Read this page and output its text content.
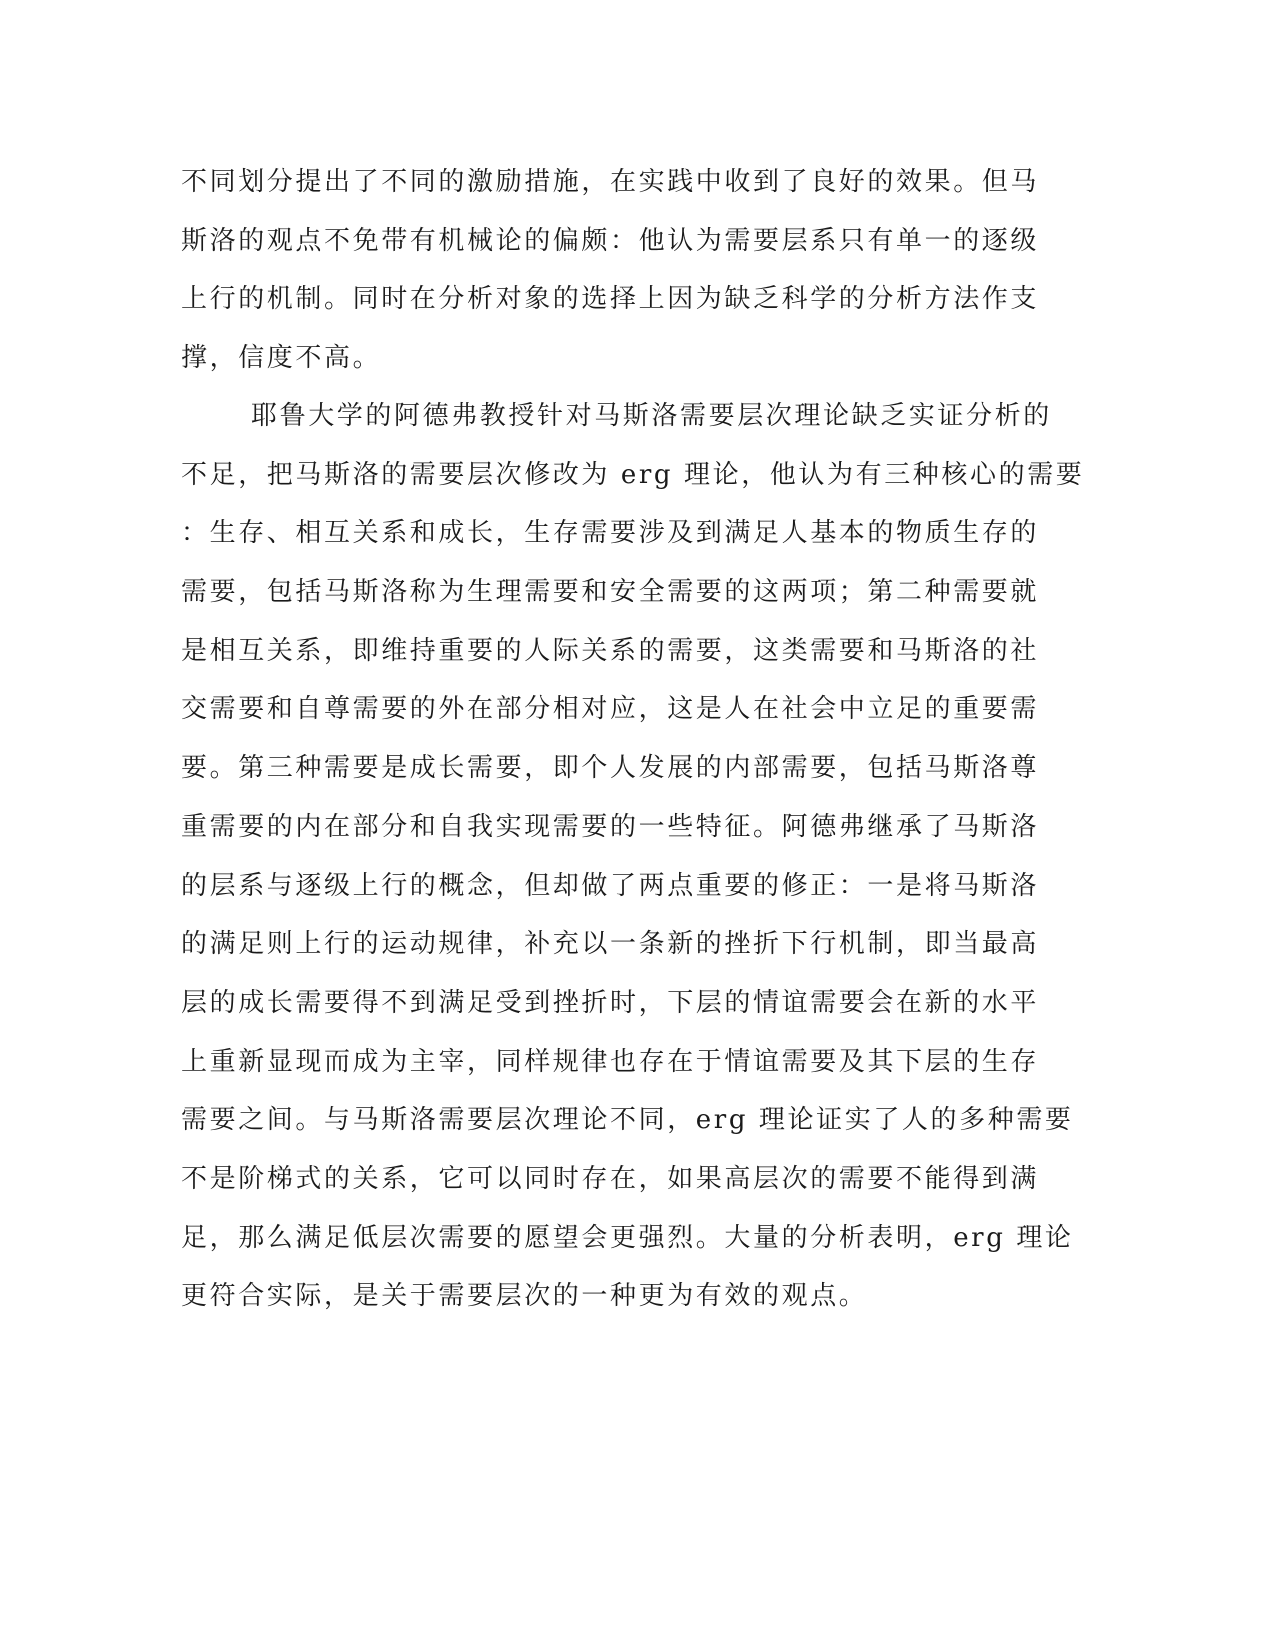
不同划分提出了不同的激励措施，在实践中收到了良好的效果。但马
斯洛的观点不免带有机械论的偏颇：他认为需要层系只有单一的逐级
上行的机制。同时在分析对象的选择上因为缺乏科学的分析方法作支
撑，信度不高。
耶鲁大学的阿德弗教授针对马斯洛需要层次理论缺乏实证分析的
不足，把马斯洛的需要层次修改为 erg 理论，他认为有三种核心的需要
：生存、相互关系和成长，生存需要涉及到满足人基本的物质生存的
需要，包括马斯洛称为生理需要和安全需要的这两项；第二种需要就
是相互关系，即维持重要的人际关系的需要，这类需要和马斯洛的社
交需要和自尊需要的外在部分相对应，这是人在社会中立足的重要需
要。第三种需要是成长需要，即个人发展的内部需要，包括马斯洛尊
重需要的内在部分和自我实现需要的一些特征。阿德弗继承了马斯洛
的层系与逐级上行的概念，但却做了两点重要的修正：一是将马斯洛
的满足则上行的运动规律，补充以一条新的挫折下行机制，即当最高
层的成长需要得不到满足受到挫折时，下层的情谊需要会在新的水平
上重新显现而成为主宰，同样规律也存在于情谊需要及其下层的生存
需要之间。与马斯洛需要层次理论不同，erg 理论证实了人的多种需要
不是阶梯式的关系，它可以同时存在，如果高层次的需要不能得到满
足，那么满足低层次需要的愿望会更强烈。大量的分析表明，erg 理论
更符合实际，是关于需要层次的一种更为有效的观点。
